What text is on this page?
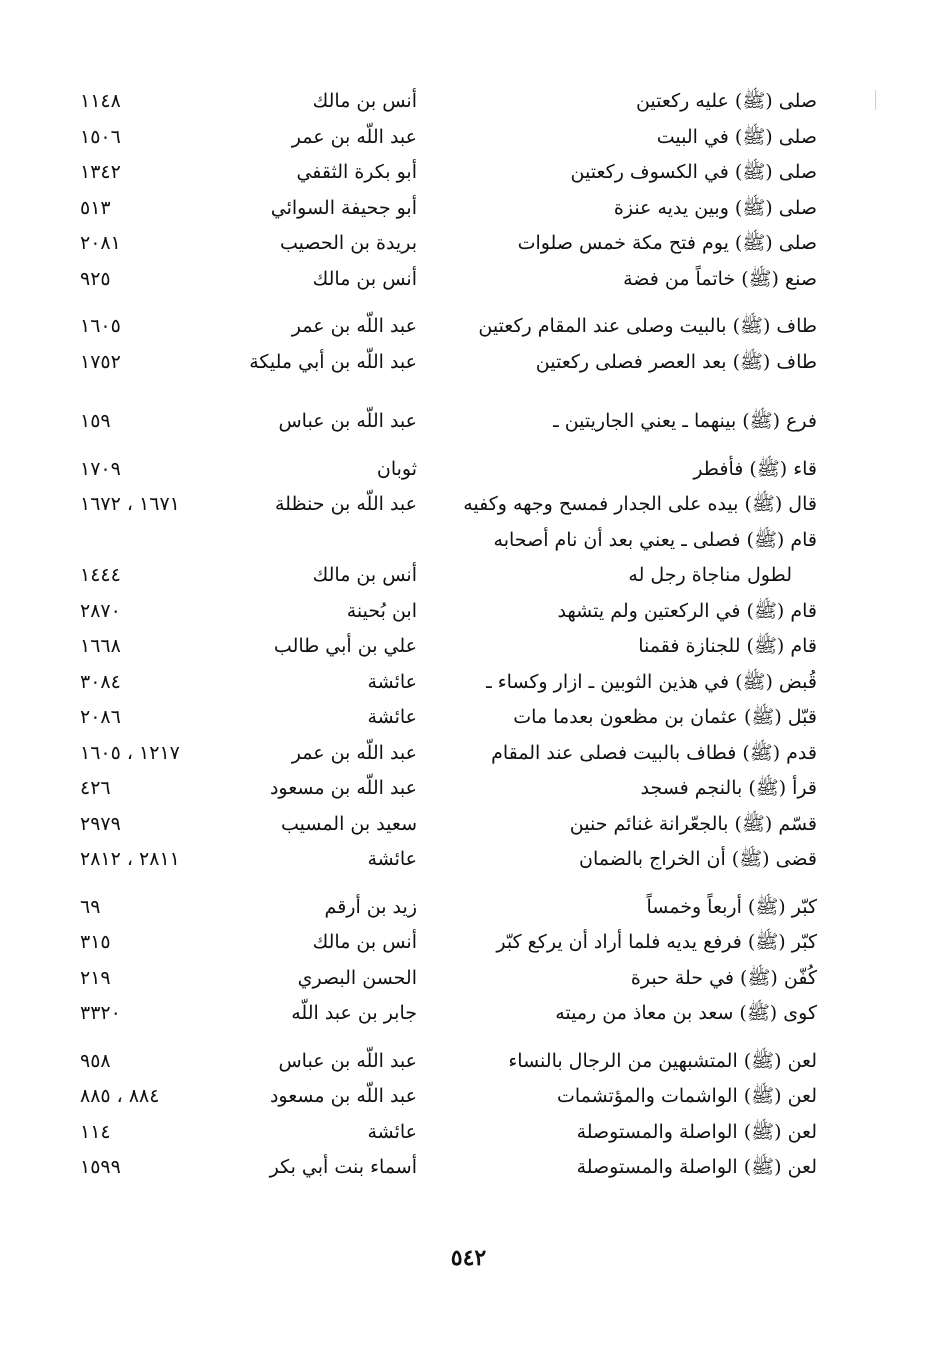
صلى (ﷺ) عليه ركعتين
أنس بن مالك
١١٤٨
صلى (ﷺ) في البيت
عبد اللّه بن عمر
١٥٠٦
صلى (ﷺ) في الكسوف ركعتين
أبو بكرة الثقفي
١٣٤٢
صلى (ﷺ) وبين يديه عنزة
أبو جحيفة السوائي
٥١٣
صلى (ﷺ) يوم فتح مكة خمس صلوات
بريدة بن الحصيب
٢٠٨١
صنع (ﷺ) خاتماً من فضة
أنس بن مالك
٩٢٥
طاف (ﷺ) بالبيت وصلى عند المقام ركعتين
عبد اللّه بن عمر
١٦٠٥
طاف (ﷺ) بعد العصر فصلى ركعتين
عبد اللّه بن أبي مليكة
١٧٥٢
فرع (ﷺ) بينهما ـ يعني الجاريتين ـ
عبد اللّه بن عباس
١٥٩
قاء (ﷺ) فأفطر
ثوبان
١٧٠٩
قال (ﷺ) بيده على الجدار فمسح وجهه وكفيه
عبد اللّه بن حنظلة
١٦٧١ ، ١٦٧٢
قام (ﷺ) فصلى ـ يعني بعد أن نام أصحابه
لطول مناجاة رجل له
أنس بن مالك
١٤٤٤
قام (ﷺ) في الركعتين ولم يتشهد
ابن بُحينة
٢٨٧٠
قام (ﷺ) للجنازة فقمنا
علي بن أبي طالب
١٦٦٨
قُبض (ﷺ) في هذين الثوبين ـ ازار وكساء ـ
عائشة
٣٠٨٤
قبّل (ﷺ) عثمان بن مظعون بعدما مات
عائشة
٢٠٨٦
قدم (ﷺ) فطاف بالبيت فصلى عند المقام
عبد اللّه بن عمر
١٢١٧ ، ١٦٠٥
قرأ (ﷺ) بالنجم فسجد
عبد اللّه بن مسعود
٤٢٦
قسّم (ﷺ) بالجعّرانة غنائم حنين
سعيد بن المسيب
٢٩٧٩
قضى (ﷺ) أن الخراج بالضمان
عائشة
٢٨١١ ، ٢٨١٢
كبّر (ﷺ) أربعاً وخمساً
زيد بن أرقم
٦٩
كبّر (ﷺ) فرفع يديه فلما أراد أن يركع كبّر
أنس بن مالك
٣١٥
كُفّن (ﷺ) في حلة حبرة
الحسن البصري
٢١٩
كوى (ﷺ) سعد بن معاذ من رميته
جابر بن عبد اللّه
٣٣٢٠
لعن (ﷺ) المتشبهين من الرجال بالنساء
عبد اللّه بن عباس
٩٥٨
لعن (ﷺ) الواشمات والمؤتشمات
عبد اللّه بن مسعود
٨٨٤ ، ٨٨٥
لعن (ﷺ) الواصلة والمستوصلة
عائشة
١١٤
لعن (ﷺ) الواصلة والمستوصلة
أسماء بنت أبي بكر
١٥٩٩
٥٤٢
